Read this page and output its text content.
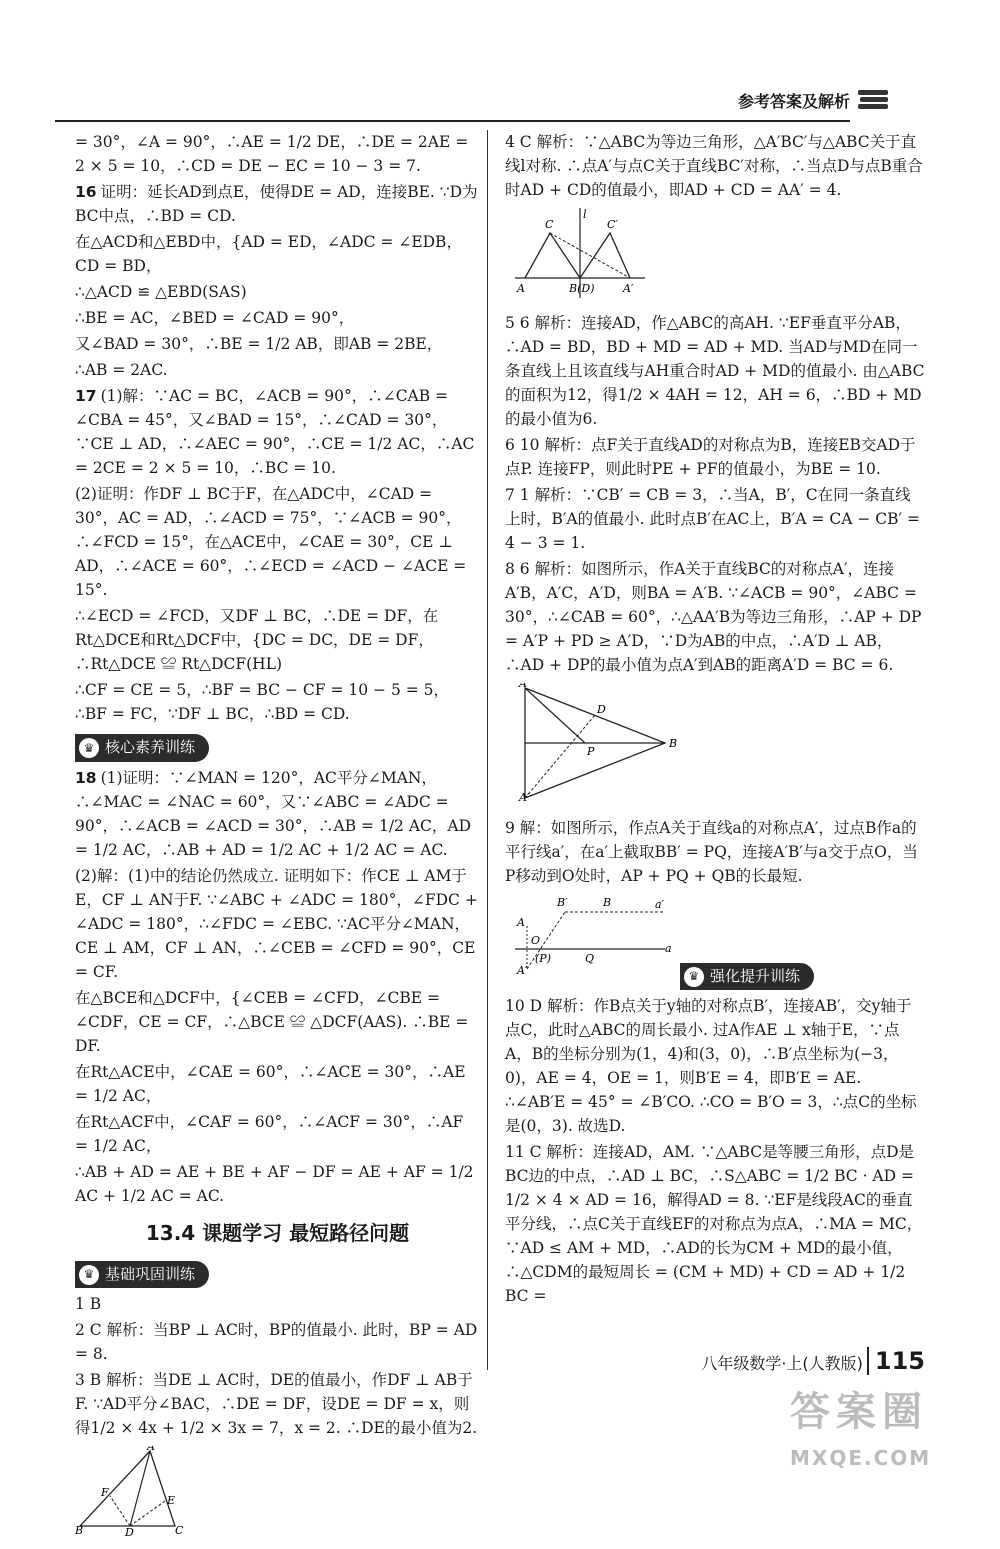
参考答案及解析

= 30°，∠A = 90°，∴AE = 1/2 DE，∴DE = 2AE = 2 × 5 = 10，∴CD = DE − EC = 10 − 3 = 7.

16 证明：延长AD到点E，使得DE = AD，连接BE. ∵D为BC中点，∴BD = CD.

在△ACD和△EBD中，{AD = ED，∠ADC = ∠EDB，CD = BD，

∴△ACD ≌ △EBD(SAS)

∴BE = AC，∠BED = ∠CAD = 90°，

又∠BAD = 30°，∴BE = 1/2 AB，即AB = 2BE，

∴AB = 2AC.

17 (1)解：∵AC = BC，∠ACB = 90°，∴∠CAB = ∠CBA = 45°，又∠BAD = 15°，∴∠CAD = 30°，∵CE ⊥ AD，∴∠AEC = 90°，∴CE = 1/2 AC，∴AC = 2CE = 2 × 5 = 10，∴BC = 10.

(2)证明：作DF ⊥ BC于F，在△ADC中，∠CAD = 30°，AC = AD，∴∠ACD = 75°，∵∠ACB = 90°，∴∠FCD = 15°，在△ACE中，∠CAE = 30°，CE ⊥ AD，∴∠ACE = 60°，∴∠ECD = ∠ACD − ∠ACE = 15°.

∴∠ECD = ∠FCD，又DF ⊥ BC，∴DE = DF，在Rt△DCE和Rt△DCF中，{DC = DC，DE = DF，∴Rt△DCE ≌ Rt△DCF(HL)

∴CF = CE = 5，∴BF = BC − CF = 10 − 5 = 5，∴BF = FC，∵DF ⊥ BC，∴BD = CD.

♛ 核心素养训练

18 (1)证明：∵∠MAN = 120°，AC平分∠MAN，∴∠MAC = ∠NAC = 60°，又∵∠ABC = ∠ADC = 90°，∴∠ACB = ∠ACD = 30°，∴AB = 1/2 AC，AD = 1/2 AC，∴AB + AD = 1/2 AC + 1/2 AC = AC.

(2)解：(1)中的结论仍然成立. 证明如下：作CE ⊥ AM于E，CF ⊥ AN于F. ∵∠ABC + ∠ADC = 180°，∠FDC + ∠ADC = 180°，∴∠FDC = ∠EBC. ∵AC平分∠MAN，CE ⊥ AM，CF ⊥ AN，∴∠CEB = ∠CFD = 90°，CE = CF.

在△BCE和△DCF中，{∠CEB = ∠CFD，∠CBE = ∠CDF，CE = CF，∴△BCE ≌ △DCF(AAS). ∴BE = DF.

在Rt△ACE中，∠CAE = 60°，∴∠ACE = 30°，∴AE = 1/2 AC，

在Rt△ACF中，∠CAF = 60°，∴∠ACF = 30°，∴AF = 1/2 AC，

∴AB + AD = AE + BE + AF − DF = AE + AF = 1/2 AC + 1/2 AC = AC.

13.4 课题学习 最短路径问题
♛ 基础巩固训练

1 B

2 C 解析：当BP ⊥ AC时，BP的值最小. 此时，BP = AD = 8.

3 B 解析：当DE ⊥ AC时，DE的值最小，作DF ⊥ AB于F. ∵AD平分∠BAC，∴DE = DF，设DE = DF = x，则得1/2 × 4x + 1/2 × 3x = 7，x = 2. ∴DE的最小值为2.

A
B	D	C
F
E

4 C 解析：∵△ABC为等边三角形，△A′BC′与△ABC关于直线l对称. ∴点A′与点C关于直线BC′对称，∴当点D与点B重合时AD + CD的值最小，即AD + CD = AA′ = 4.

A	B(D)	A′
C	C′
l

5 6 解析：连接AD，作△ABC的高AH. ∵EF垂直平分AB，∴AD = BD，BD + MD = AD + MD. 当AD与MD在同一条直线上且该直线与AH重合时AD + MD的值最小. 由△ABC的面积为12，得1/2 × 4AH = 12，AH = 6，∴BD + MD的最小值为6.

6 10 解析：点F关于直线AD的对称点为B，连接EB交AD于点P. 连接FP，则此时PE + PF的值最小，为BE = 10.

7 1 解析：∵CB′ = CB = 3，∴当A，B′，C在同一条直线上时，B′A的值最小. 此时点B′在AC上，B′A = CA − CB′ = 4 − 3 = 1.

8 6 解析：如图所示，作A关于直线BC的对称点A′，连接A′B，A′C，A′D，则BA = A′B. ∵∠ACB = 90°，∠ABC = 30°，∴∠CAB = 60°，∴△AA′B为等边三角形，∴AP + DP = A′P + PD ≥ A′D，∵D为AB的中点，∴A′D ⊥ AB，∴AD + DP的最小值为点A′到AB的距离A′D = BC = 6.

A
B
D
P
A′

9 解：如图所示，作点A关于直线a的对称点A′，过点B作a的平行线a′，在a′上截取BB′ = PQ，连接A′B′与a交于点O，当P移动到O处时，AP + PQ + QB的长最短.

A
O
(P)	Q
B′	B	a′
a
A′
	♛ 强化提升训练

10 D 解析：作B点关于y轴的对称点B′，连接AB′，交y轴于点C，此时△ABC的周长最小. 过A作AE ⊥ x轴于E，∵点A，B的坐标分别为(1，4)和(3，0)，∴B′点坐标为(−3，0)，AE = 4，OE = 1，则B′E = 4，即B′E = AE. ∴∠AB′E = 45° = ∠B′CO. ∴CO = B′O = 3，∴点C的坐标是(0，3). 故选D.

11 C 解析：连接AD，AM. ∵△ABC是等腰三角形，点D是BC边的中点，∴AD ⊥ BC，∴S△ABC = 1/2 BC · AD = 1/2 × 4 × AD = 16，解得AD = 8. ∵EF是线段AC的垂直平分线，∴点C关于直线EF的对称点为点A，∴MA = MC，∵AD ≤ AM + MD，∴AD的长为CM + MD的最小值，∴△CDM的最短周长 = (CM + MD) + CD = AD + 1/2 BC =

八年级数学·上(人教版) 115
答案圈
MXQE.COM
